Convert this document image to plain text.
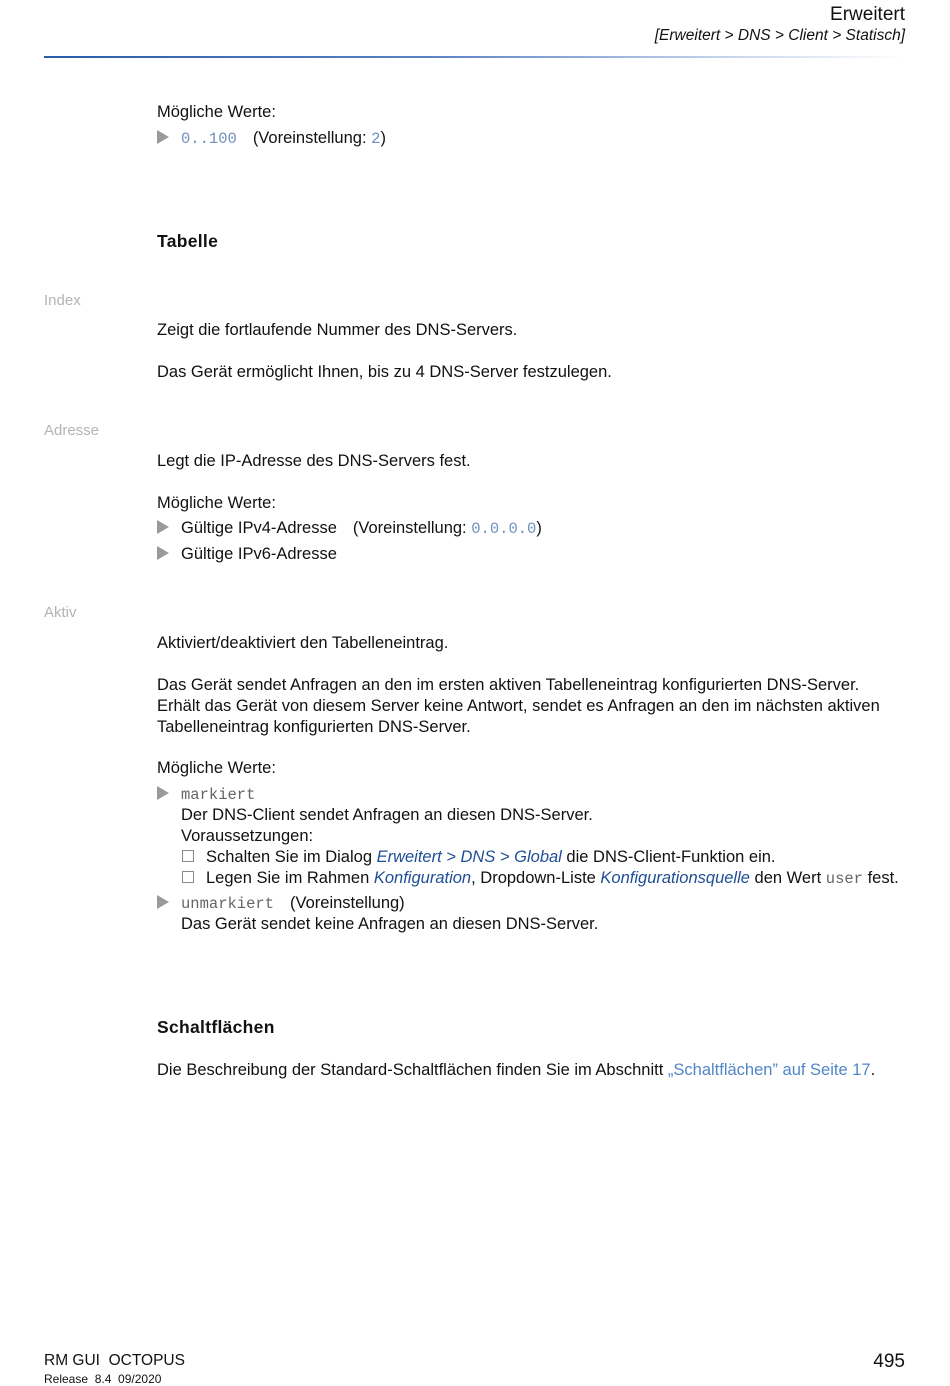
Erweitert
[Erweitert > DNS > Client > Statisch]
Mögliche Werte:
0..100 (Voreinstellung: 2)
Tabelle
Index
Zeigt die fortlaufende Nummer des DNS-Servers.
Das Gerät ermöglicht Ihnen, bis zu 4 DNS-Server festzulegen.
Adresse
Legt die IP-Adresse des DNS-Servers fest.
Mögliche Werte:
Gültige IPv4-Adresse (Voreinstellung: 0.0.0.0)
Gültige IPv6-Adresse
Aktiv
Aktiviert/deaktiviert den Tabelleneintrag.
Das Gerät sendet Anfragen an den im ersten aktiven Tabelleneintrag konfigurierten DNS-Server.
Erhält das Gerät von diesem Server keine Antwort, sendet es Anfragen an den im nächsten aktiven
Tabelleneintrag konfigurierten DNS-Server.
Mögliche Werte:
markiert
Der DNS-Client sendet Anfragen an diesen DNS-Server.
Voraussetzungen:
Schalten Sie im Dialog Erweitert > DNS > Global die DNS-Client-Funktion ein.
Legen Sie im Rahmen Konfiguration, Dropdown-Liste Konfigurationsquelle den Wert user fest.
unmarkiert (Voreinstellung)
Das Gerät sendet keine Anfragen an diesen DNS-Server.
Schaltflächen
Die Beschreibung der Standard-Schaltflächen finden Sie im Abschnitt „Schaltflächen” auf Seite 17.
RM GUI  OCTOPUS
Release  8.4  09/2020
495
